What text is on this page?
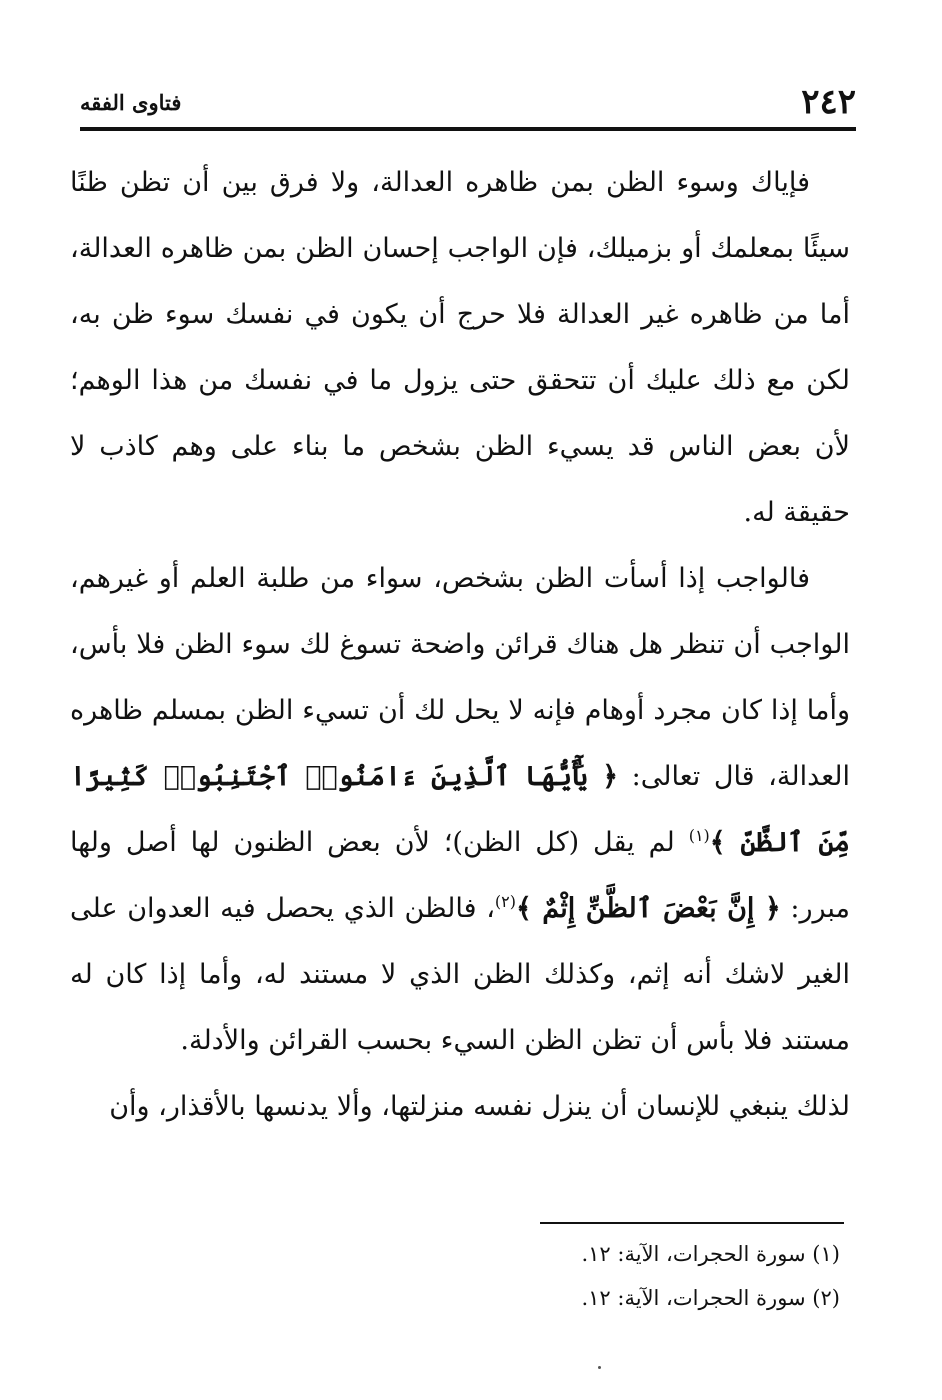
٢٤٢
فتاوى الفقه

فإياك وسوء الظن بمن ظاهره العدالة، ولا فرق بين أن تظن ظنًا سيئًا بمعلمك أو بزميلك، فإن الواجب إحسان الظن بمن ظاهره العدالة، أما من ظاهره غير العدالة فلا حرج أن يكون في نفسك سوء ظن به، لكن مع ذلك عليك أن تتحقق حتى يزول ما في نفسك من هذا الوهم؛ لأن بعض الناس قد يسيء الظن بشخص ما بناء على وهم كاذب لا حقيقة له.

فالواجب إذا أسأت الظن بشخص، سواء من طلبة العلم أو غيرهم، الواجب أن تنظر هل هناك قرائن واضحة تسوغ لك سوء الظن فلا بأس، وأما إذا كان مجرد أوهام فإنه لا يحل لك أن تسيء الظن بمسلم ظاهره العدالة، قال تعالى: ﴿ يَٰٓأَيُّهَا ٱلَّذِينَ ءَامَنُوا۟ ٱجْتَنِبُوا۟ كَثِيرًا مِّنَ ٱلظَّنِّ ﴾$^{(١)}$ لم يقل (كل الظن)؛ لأن بعض الظنون لها أصل ولها مبرر: ﴿ إِنَّ بَعْضَ ٱلظَّنِّ إِثْمٌ ﴾$^{(٢)}$، فالظن الذي يحصل فيه العدوان على الغير لاشك أنه إثم، وكذلك الظن الذي لا مستند له، وأما إذا كان له مستند فلا بأس أن تظن الظن السيء بحسب القرائن والأدلة.

لذلك ينبغي للإنسان أن ينزل نفسه منزلتها، وألا يدنسها بالأقذار، وأن

(١) سورة الحجرات، الآية: ١٢.
(٢) سورة الحجرات، الآية: ١٢.
